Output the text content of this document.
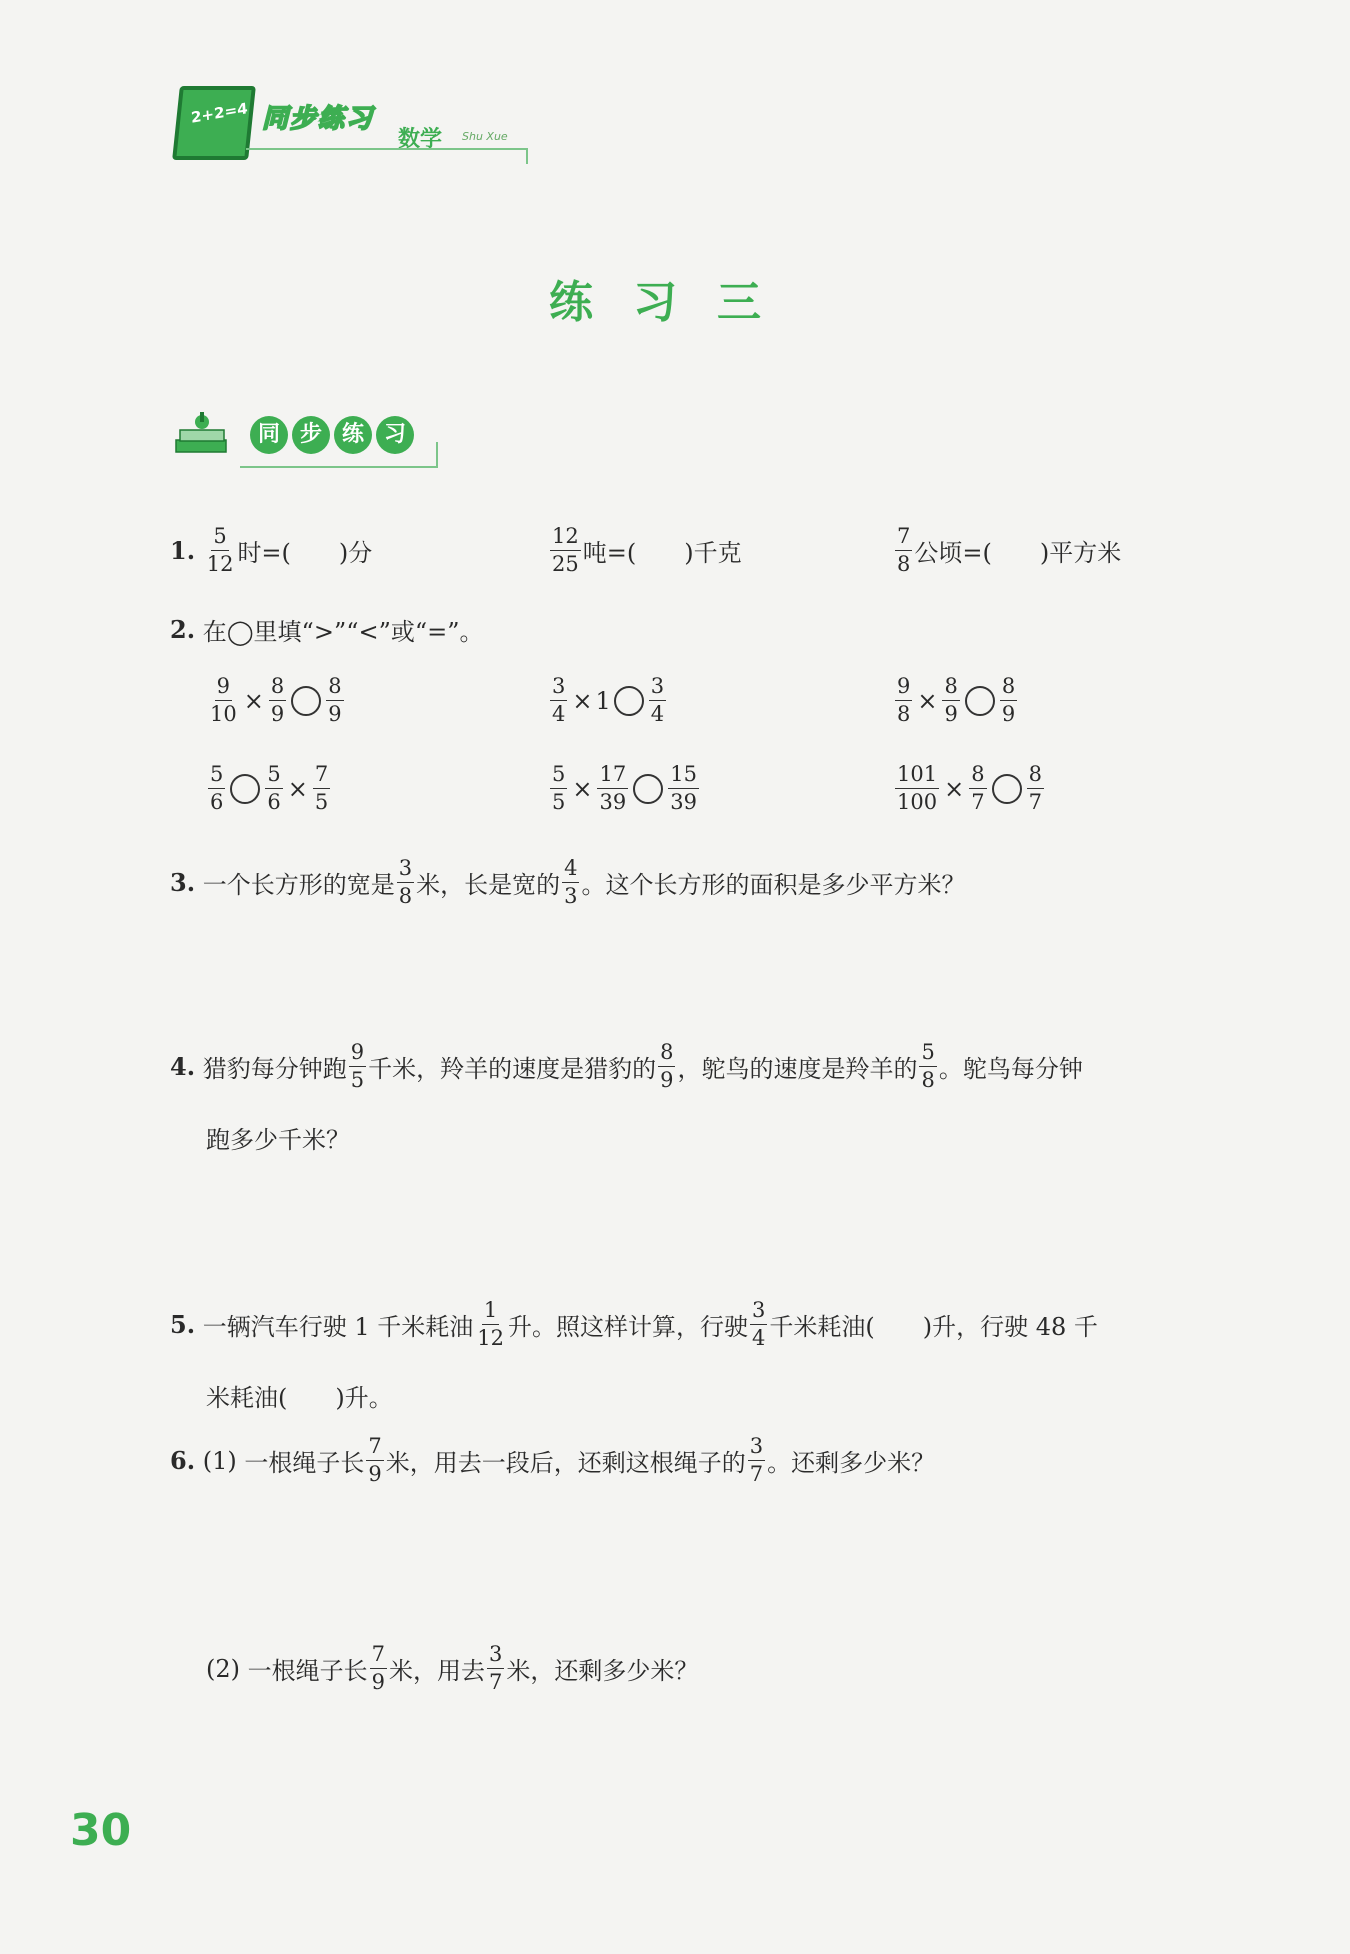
2+2=4 同步练习
数学 Shu Xue
练习三
同 步 练 习
1.
$\frac{5}{12}$ 时=(　　)分	$\frac{12}{25}$ 吨=(　　)千克	$\frac{7}{8}$ 公顷=(　　)平方米
2.
在◯里填“>”“<”或“=”。
$\frac{9}{10} \times \frac{8}{9} \frac{8}{9}$	$\frac{3}{4} \times 1 \frac{3}{4}$	$\frac{9}{8} \times \frac{8}{9} \frac{8}{9}$
$\frac{5}{6} \frac{5}{6} \times \frac{7}{5}$	$\frac{5}{5} \times \frac{17}{39} \frac{15}{39}$	$\frac{101}{100} \times \frac{8}{7} \frac{8}{7}$
3.
一个长方形的宽是 $\frac{3}{8}$ 米，长是宽的 $\frac{4}{3}$ 。这个长方形的面积是多少平方米？
4.
猎豹每分钟跑 $\frac{9}{5}$ 千米，羚羊的速度是猎豹的 $\frac{8}{9}$ ，鸵鸟的速度是羚羊的 $\frac{5}{8}$ 。鸵鸟每分钟
跑多少千米？
5.
一辆汽车行驶 1 千米耗油 $\frac{1}{12}$ 升。照这样计算，行驶 $\frac{3}{4}$ 千米耗油(　　)升，行驶 48 千
米耗油(　　)升。
6.
(1)
一根绳子长 $\frac{7}{9}$ 米，用去一段后，还剩这根绳子的 $\frac{3}{7}$ 。还剩多少米？
(2)
一根绳子长 $\frac{7}{9}$ 米，用去 $\frac{3}{7}$ 米，还剩多少米？
30
